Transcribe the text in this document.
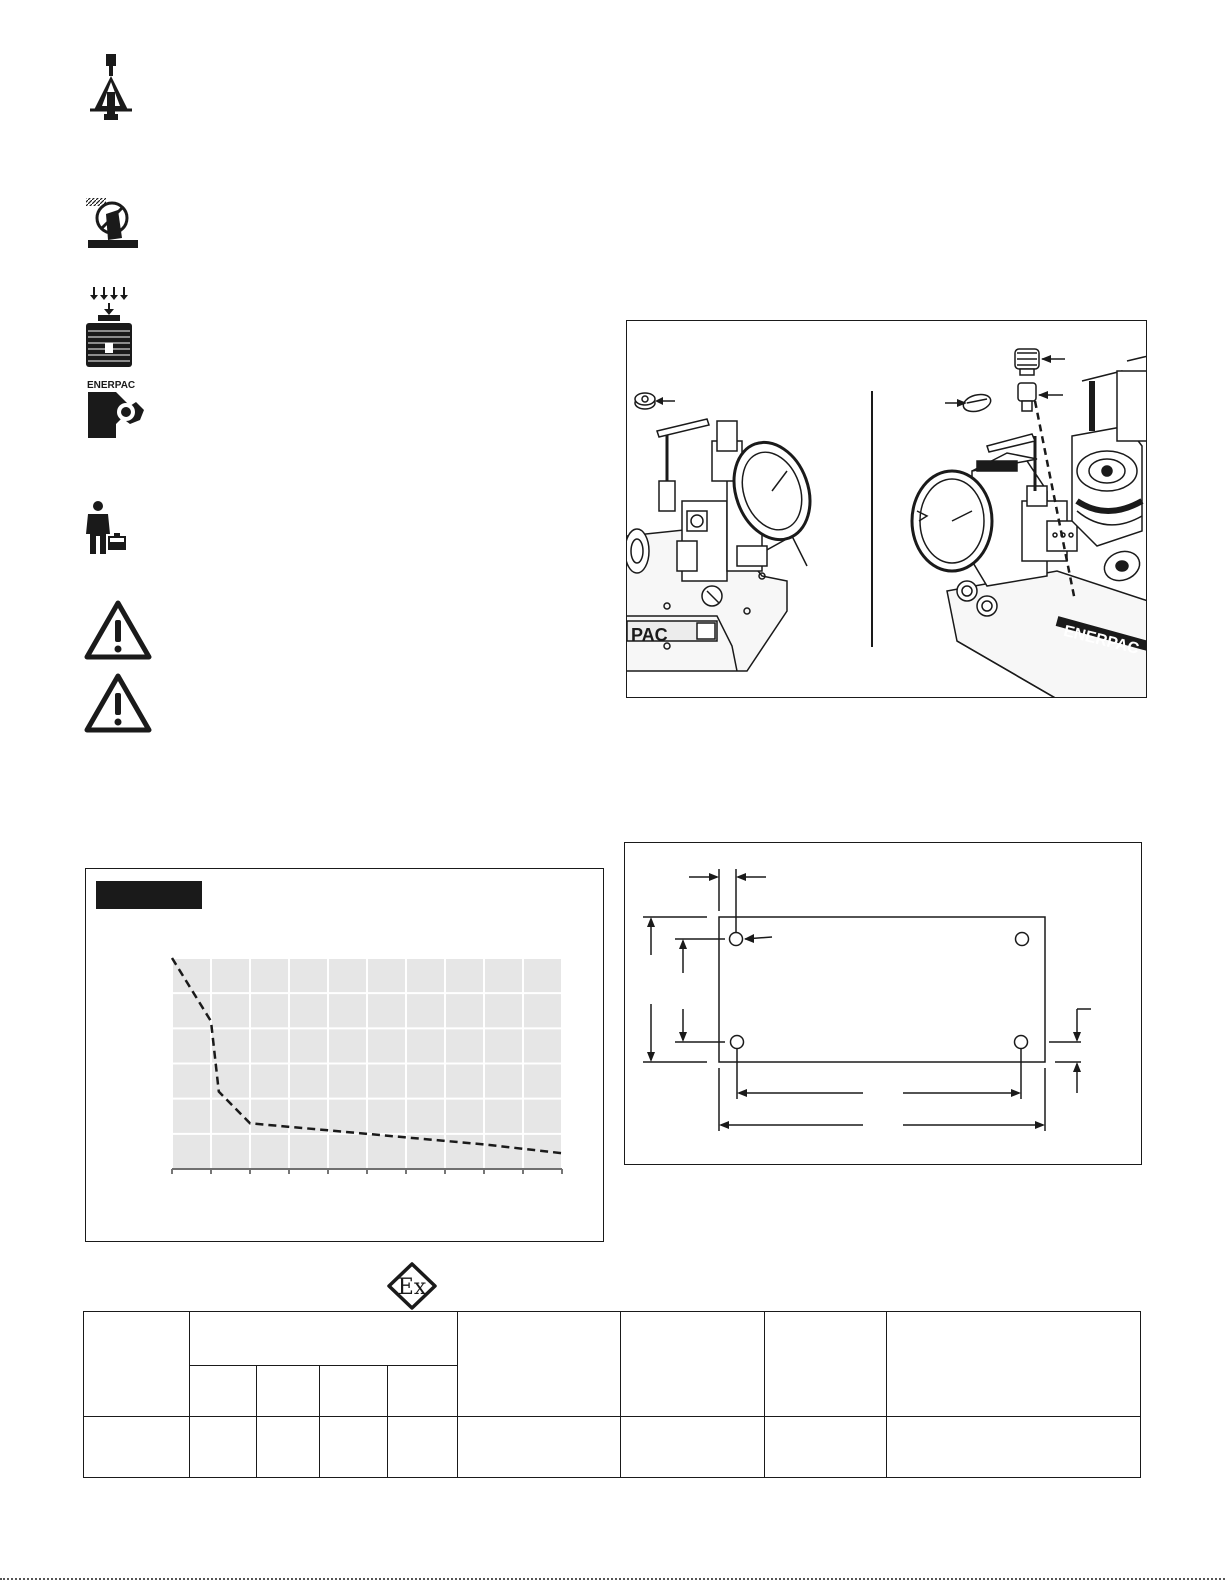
ENERPAC
PAC	ENERPAC
Ex
